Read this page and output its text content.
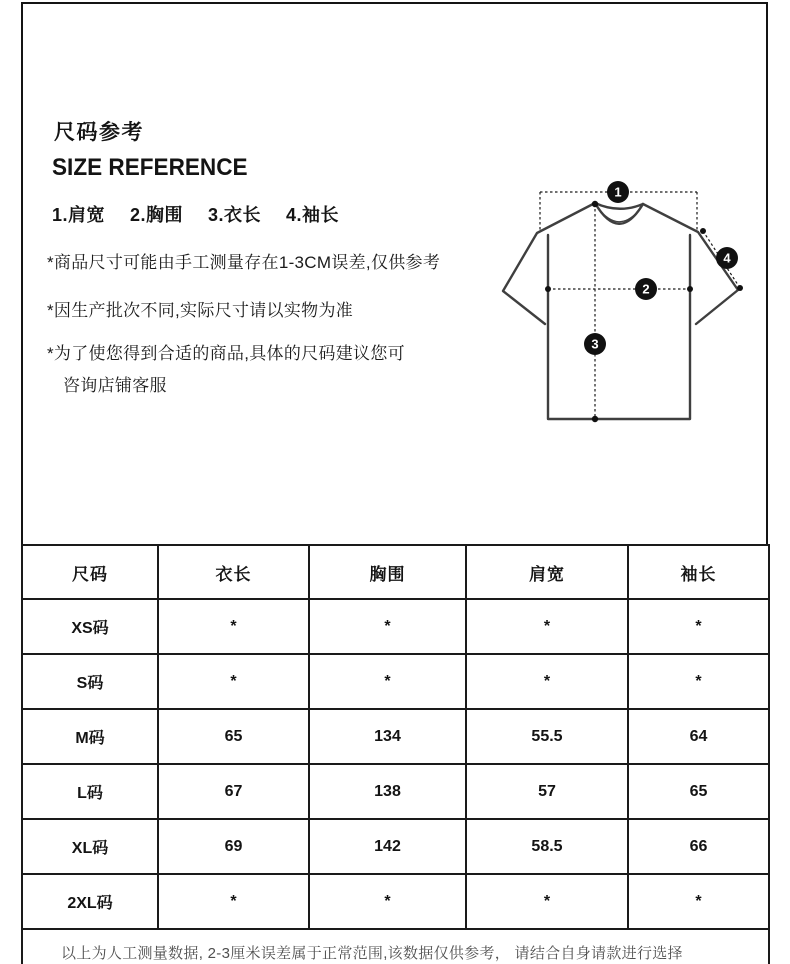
尺码参考
SIZE REFERENCE
1.肩宽 2.胸围 3.衣长 4.袖长

*商品尺寸可能由手工测量存在1-3CM误差,仅供参考

*因生产批次不同,实际尺寸请以实物为准

*为了使您得到合适的商品,具体的尺码建议您可

咨询店铺客服

1
2
3
4
尺码	衣长	胸围	肩宽	袖长
XS码	*	*	*	*
S码	*	*	*	*
M码	65	134	55.5	64
L码	67	138	57	65
XL码	69	142	58.5	66
2XL码	*	*	*	*
以上为人工测量数据, 2-3厘米误差属于正常范围,该数据仅供参考， 请结合自身请款进行选择				
